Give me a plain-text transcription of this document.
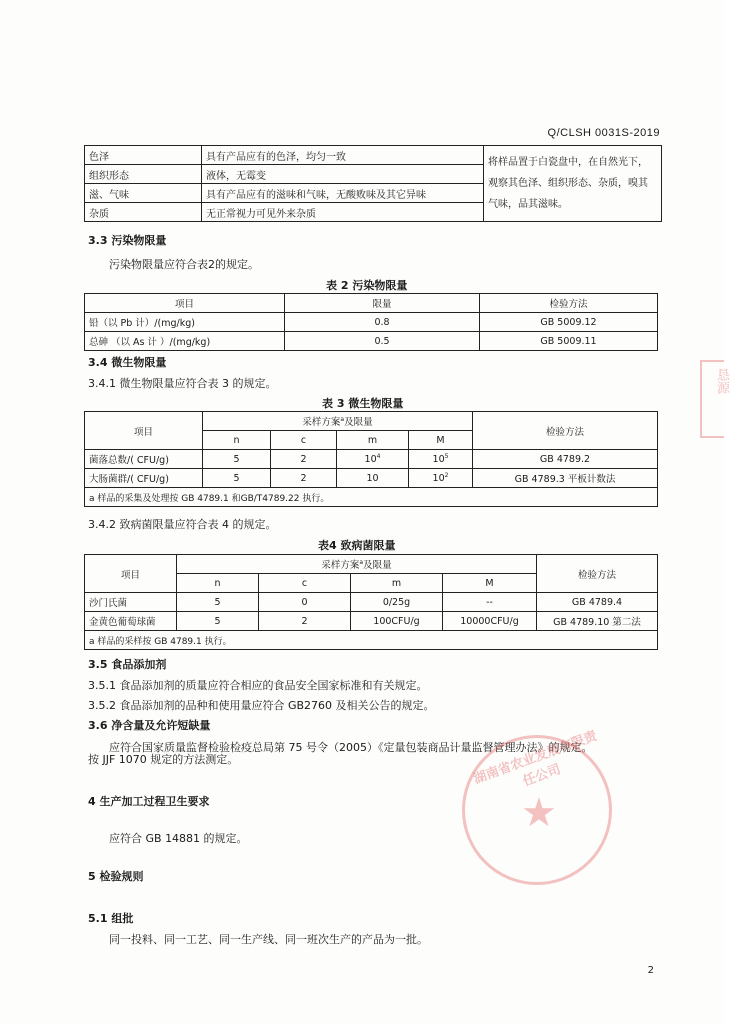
Q/CLSH 0031S-2019
色泽	具有产品应有的色泽，均匀一致	将样品置于白瓷盘中，在自然光下，观察其色泽、组织形态、杂质，嗅其气味，品其滋味。
组织形态	液体，无霉变	
滋、气味	具有产品应有的滋味和气味，无酸败味及其它异味	
杂质	无正常视力可见外来杂质	
3.3 污染物限量
污染物限量应符合表2的规定。
表 2 污染物限量
项目	限量	检验方法
铅（以 Pb 计）/(mg/kg)	0.8	GB 5009.12
总砷 （以 As 计 ）/(mg/kg)	0.5	GB 5009.11
3.4 微生物限量
3.4.1 微生物限量应符合表 3 的规定。
表 3 微生物限量
项目	采样方案$^a$及限量				检验方法
	n	c	m	M	
菌落总数/( CFU/g)	5	2	$10^4$	$10^5$	GB 4789.2
大肠菌群/( CFU/g)	5	2	10	$10^2$	GB 4789.3 平板计数法
a 样品的采集及处理按 GB 4789.1 和GB/T4789.22 执行。					
3.4.2 致病菌限量应符合表 4 的规定。
表4 致病菌限量
项目	采样方案$^a$及限量				检验方法
	n	c	m	M	
沙门氏菌	5	0	0/25g	--	GB 4789.4
金黄色葡萄球菌	5	2	100CFU/g	10000CFU/g	GB 4789.10 第二法
a 样品的采样按 GB 4789.1 执行。					
3.5 食品添加剂
3.5.1 食品添加剂的质量应符合相应的食品安全国家标准和有关规定。
3.5.2 食品添加剂的品种和使用量应符合 GB2760 及相关公告的规定。
3.6 净含量及允许短缺量
应符合国家质量监督检验检疫总局第 75 号令（2005）《定量包装商品计量监督管理办法》的规定。
按 JJF 1070 规定的方法测定。
4 生产加工过程卫生要求
应符合 GB 14881 的规定。
5 检验规则
5.1 组批
同一投料、同一工艺、同一生产线、同一班次生产的产品为一批。
湖南省农业发展有限责任公司
★
恳源
2
